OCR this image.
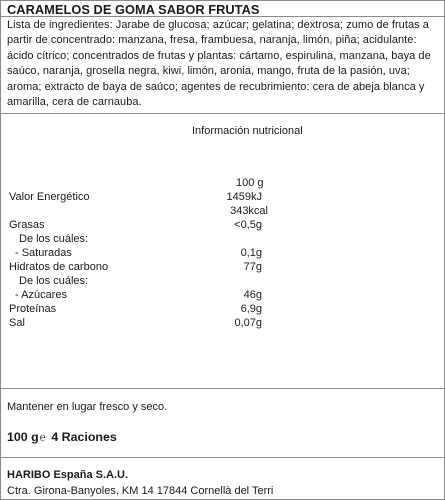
CARAMELOS DE GOMA SABOR FRUTAS
Lista de ingredientes: Jarabe de glucosa; azúcar; gelatina; dextrosa; zumo de frutas a partir de concentrado: manzana, fresa, frambuesa, naranja, limón, piña; acidulante: ácido cítrico; concentrados de frutas y plantas: cártamo, espirulina, manzana, baya de saúco, naranja, grosella negra, kiwi, limón, aronia, mango, fruta de la pasión, uva; aroma; extracto de baya de saúco; agentes de recubrimiento: cera de abeja blanca y amarilla, cera de carnauba.
Información nutricional
100 g
Valor Energético	1459kJ
343kcal
Grasas	<0,5g
De los cuáles:
- Saturadas	0,1g
Hidratos de carbono	77g
De los cuáles:
- Azúcares	46g
Proteínas	6,9g
Sal	0,07g
Mantener en lugar fresco y seco.
100 g℮ 4 Raciones
HARIBO España S.A.U.
Ctra. Girona-Banyoles, KM 14 17844 Cornellà del Terri
